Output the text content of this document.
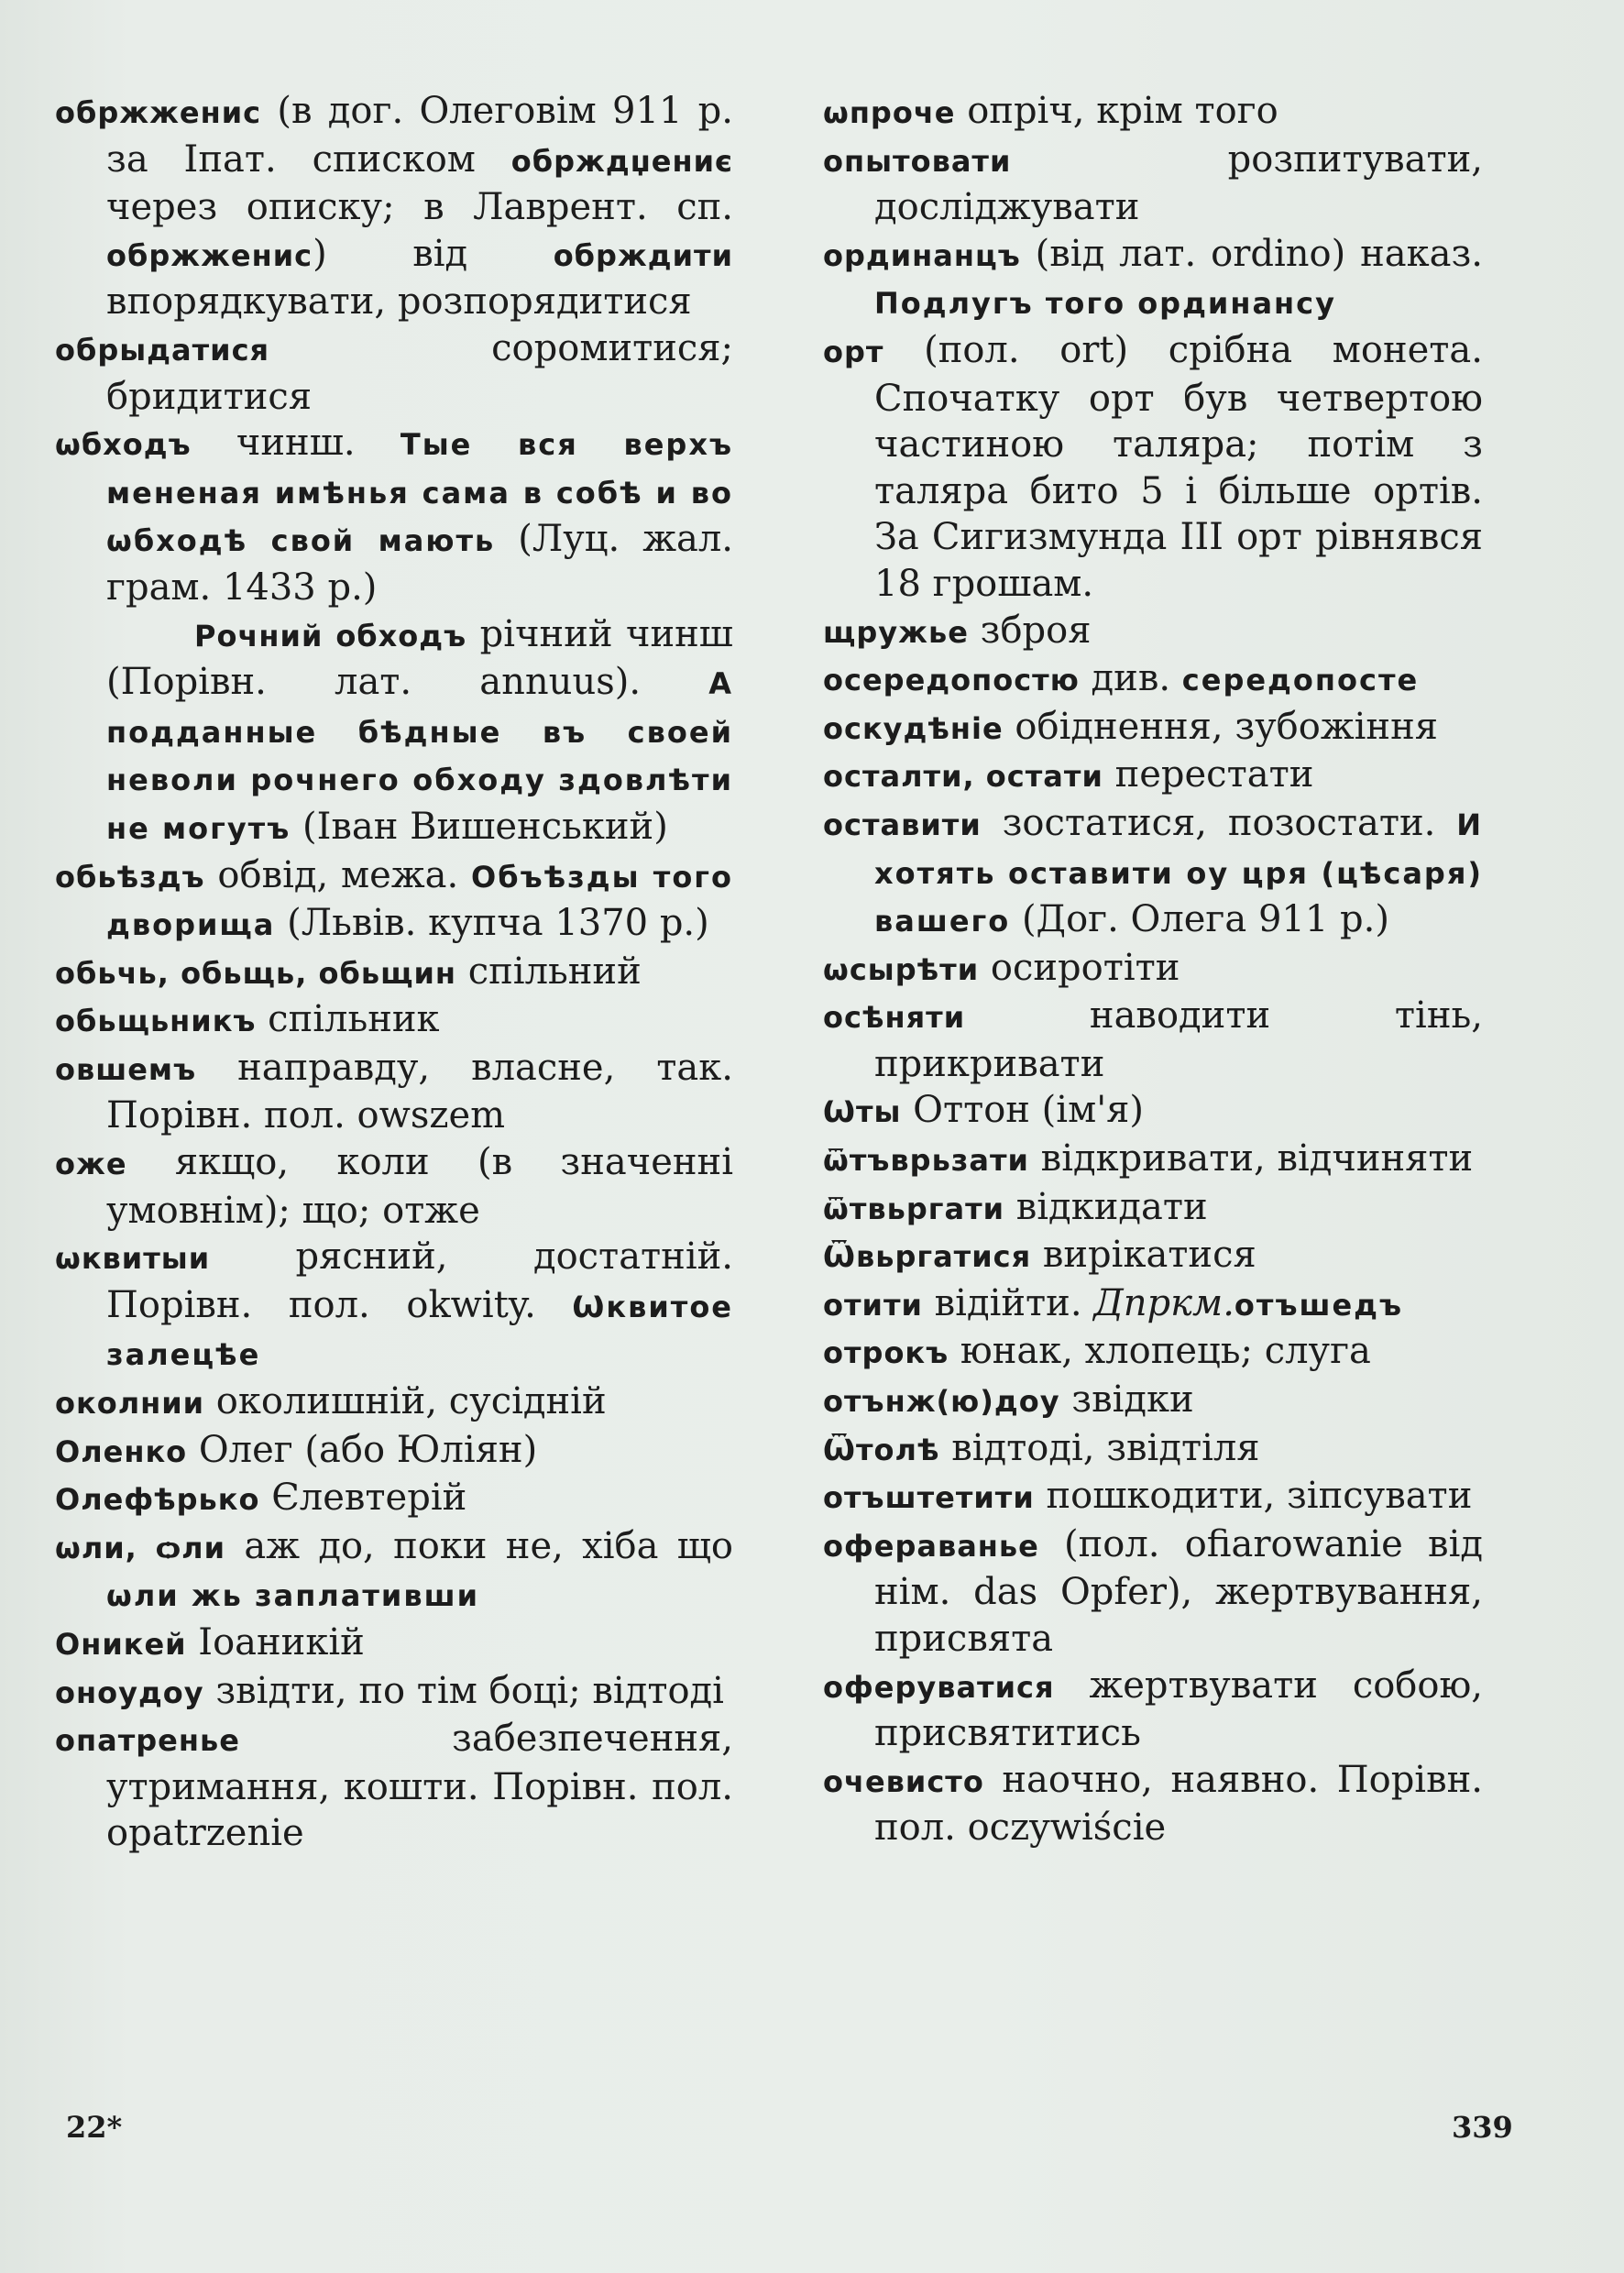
обржженис (в дог. Олеговім 911 р. за Іпат. списком обрждџениє через описку; в Лаврент. сп. обржженис) від обрждити впорядкувати, розпорядитися

обрыдатися соромитися; бридитися

ѡбходъ чинш. Тые вся верхъ мененая имѣнья сама в собѣ и во ѡбходѣ свой мають (Луц. жал. грам. 1433 р.)

Рочний обходъ річний чинш (Порівн. лат. annuus). А подданные бѣдные въ своей неволи рочнего обходу здовлѣти не могутъ (Іван Вишенський)

обьѣздъ обвід, межа. Объѣзды того дворища (Львів. купча 1370 р.)

обьчь, обьщь, обьщин спільний

обьщьникъ спільник

овшемъ направду, власне, так. Порівн. пол. owszem

оже якщо, коли (в значенні умовнім); що; отже

ѡквитыи рясний, достатній. Порівн. пол. okwity. Ѡквитое залецѣе

околнии околишній, сусідній

Оленко Олег (або Юліян)

Олефѣрько Єлевтерій

ѡли, ѻли аж до, поки не, хіба що ѡли жь заплативши

Оникей Іоаникій

оноудоу звідти, по тім боці; відтоді

опатренье забезпечення, утримання, кошти. Порівн. пол. opatrzenie

ѡпроче опріч, крім того

опытовати розпитувати, досліджувати

ординанцъ (від лат. ordino) наказ. Подлугъ того ординансу

орт (пол. ort) срібна монета. Спочатку орт був четвертою частиною таляра; потім з таляра бито 5 і більше ортів. За Сигизмунда III орт рівнявся 18 грошам.

щружье зброя

осередопостю див. середопосте

оскудѣніе обіднення, зубожіння

осталти, остати перестати

оставити зостатися, позостати. И хотять оставити оу цря (цѣсаря) вашего (Дог. Олега 911 р.)

ѡсырѣти осиротіти

осѣняти наводити тінь, прикривати

Ѡты Оттон (ім'я)

ѿтъврьзати відкривати, відчиняти

ѿтвьргати відкидати

Ѿвьргатися вирікатися

отити відійти. Дпркм.отъшедъ

отрокъ юнак, хлопець; слуга

отънж(ю)доу звідки

Ѿтолѣ відтоді, звідтіля

отъштетити пошкодити, зіпсувати

офераванье (пол. ofiarowanie від нім. das Opfer), жертвування, присвята

оферуватися жертвувати собою, присвятитись

очевисто наочно, наявно. Порівн. пол. oczywiście

22*	339
